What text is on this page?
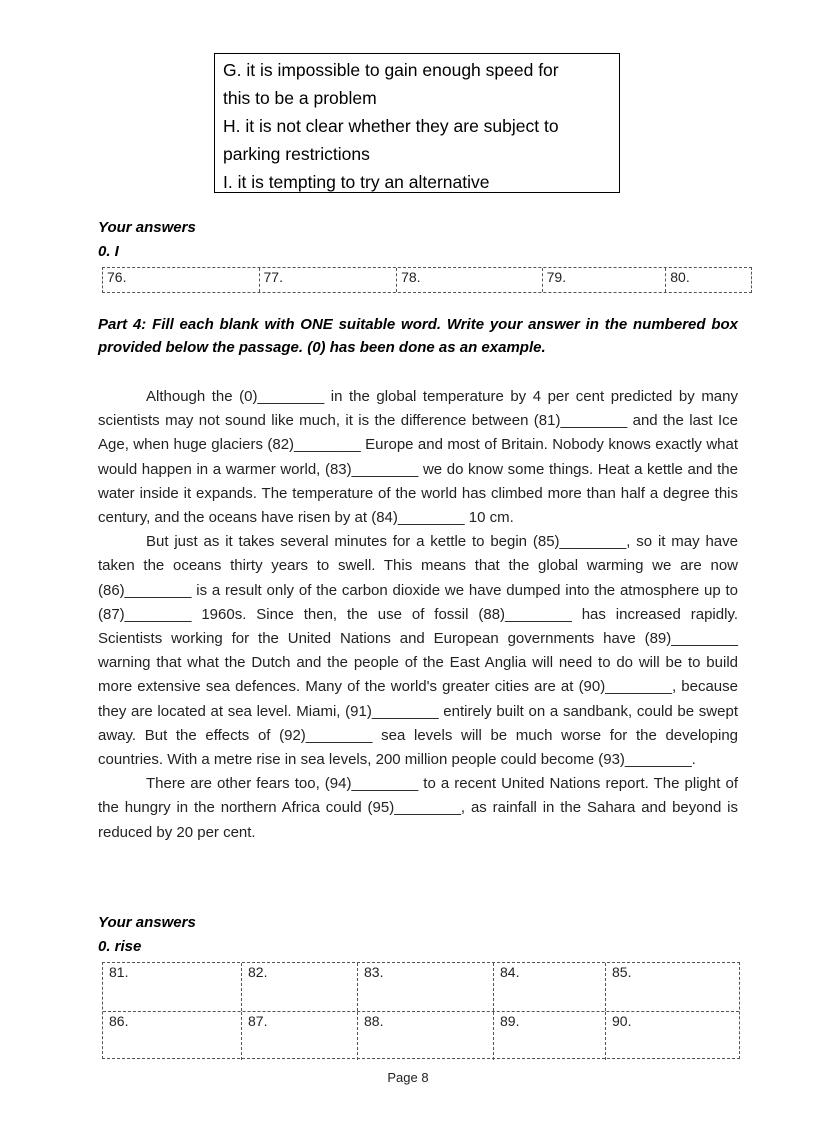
G. it is impossible to gain enough speed for
this to be a problem
H. it is not clear whether they are subject to
parking restrictions
I. it is tempting to try an alternative
Your answers
0. I
76.	77.	78.	79.	80.
Part 4: Fill each blank with ONE suitable word. Write your answer in the numbered box provided below the passage. (0) has been done as an example.

Although the (0)________ in the global temperature by 4 per cent predicted by many scientists may not sound like much, it is the difference between (81)________ and the last Ice Age, when huge glaciers (82)________ Europe and most of Britain. Nobody knows exactly what would happen in a warmer world, (83)________ we do know some things. Heat a kettle and the water inside it expands. The temperature of the world has climbed more than half a degree this century, and the oceans have risen by at (84)________ 10 cm.

But just as it takes several minutes for a kettle to begin (85)________, so it may have taken the oceans thirty years to swell. This means that the global warming we are now (86)________ is a result only of the carbon dioxide we have dumped into the atmosphere up to (87)________ 1960s. Since then, the use of fossil (88)________ has increased rapidly. Scientists working for the United Nations and European governments have (89)________ warning that what the Dutch and the people of the East Anglia will need to do will be to build more extensive sea defences. Many of the world's greater cities are at (90)________, because they are located at sea level. Miami, (91)________ entirely built on a sandbank, could be swept away. But the effects of (92)________ sea levels will be much worse for the developing countries. With a metre rise in sea levels, 200 million people could become (93)________.

There are other fears too, (94)________ to a recent United Nations report. The plight of the hungry in the northern Africa could (95)________, as rainfall in the Sahara and beyond is reduced by 20 per cent.

Your answers
0. rise
81.	82.	83.	84.	85.
86.	87.	88.	89.	90.
Page 8
